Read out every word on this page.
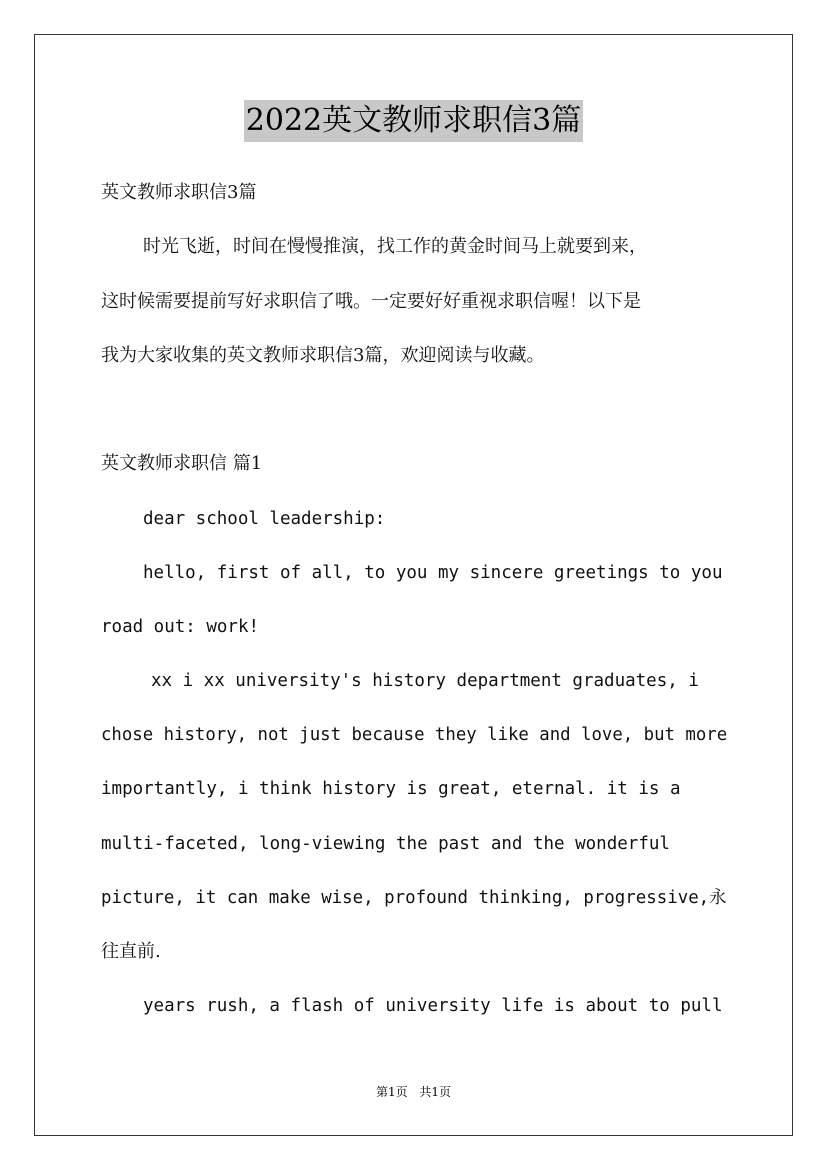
2022英文教师求职信3篇
英文教师求职信3篇
时光飞逝，时间在慢慢推演，找工作的黄金时间马上就要到来，
这时候需要提前写好求职信了哦。一定要好好重视求职信喔！以下是
我为大家收集的英文教师求职信3篇，欢迎阅读与收藏。
英文教师求职信 篇1
dear school leadership:
hello, first of all, to you my sincere greetings to you
road out: work!
xx i xx university's history department graduates, i
chose history, not just because they like and love, but more
importantly, i think history is great, eternal. it is a
multi-faceted, long-viewing the past and the wonderful
picture, it can make wise, profound thinking, progressive,永
往直前.
years rush, a flash of university life is about to pull
第1页 共1页
